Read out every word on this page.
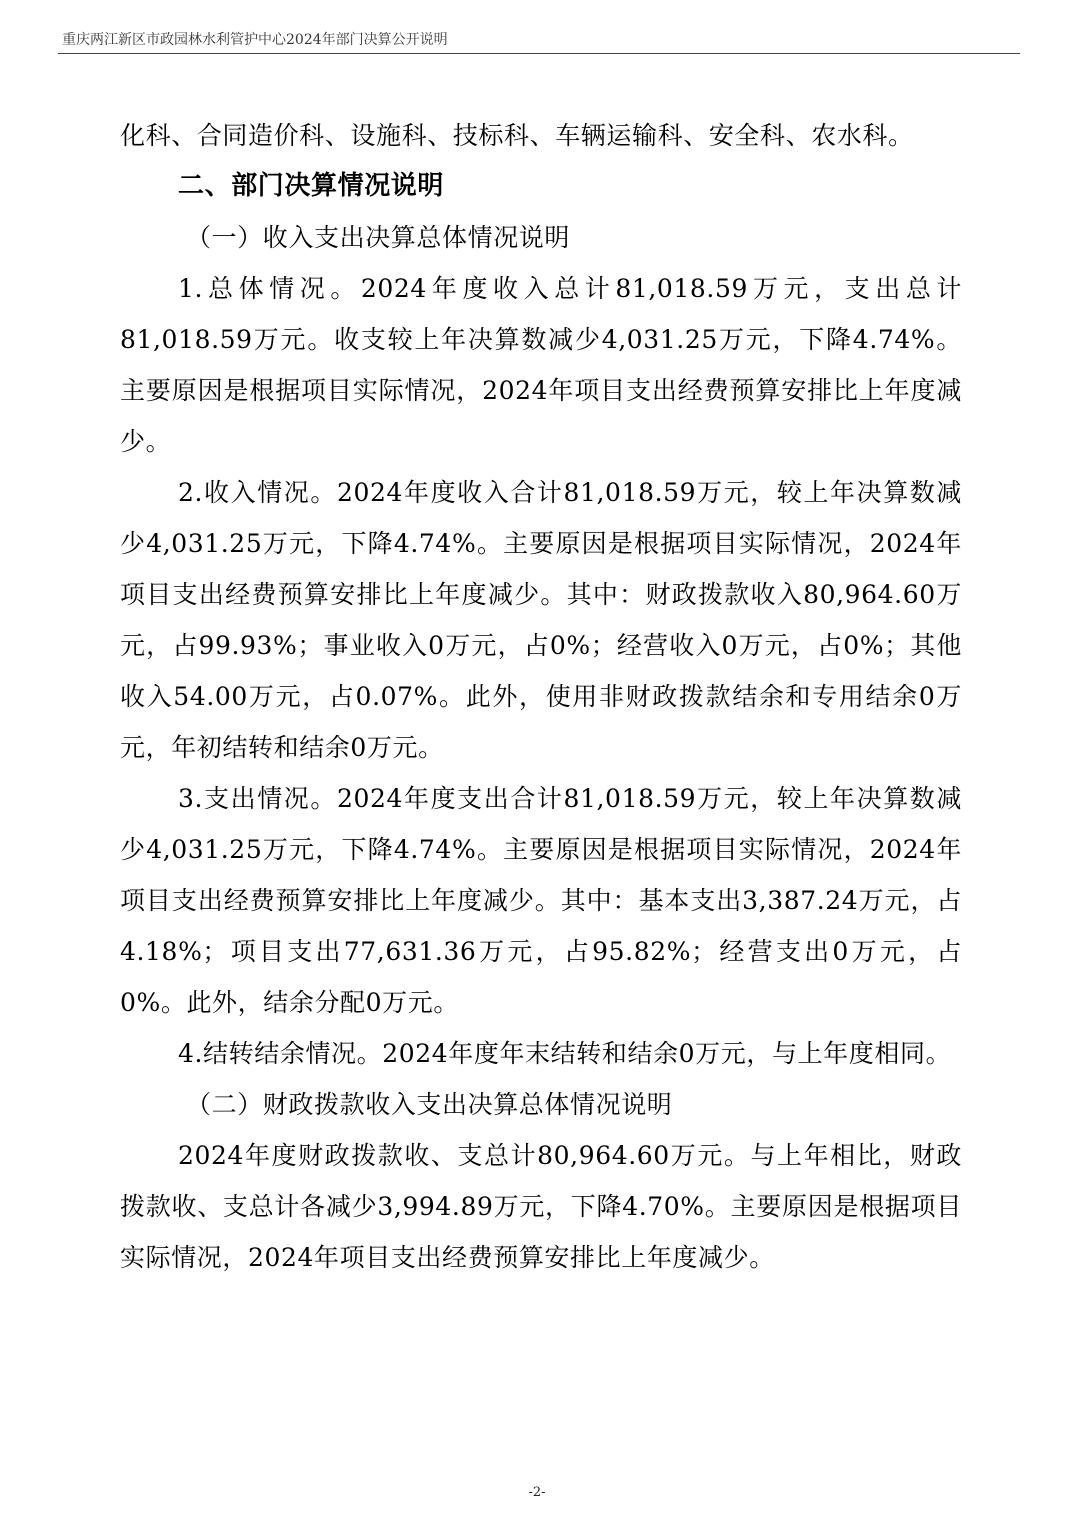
重庆两江新区市政园林水利管护中心2024年部门决算公开说明

化科、合同造价科、设施科、技标科、车辆运输科、安全科、农水科。

二、部门决算情况说明

（一）收入支出决算总体情况说明

1.总体情况。2024年度收入总计81,018.59万元，支出总计81,018.59万元。收支较上年决算数减少4,031.25万元，下降4.74%。主要原因是根据项目实际情况，2024年项目支出经费预算安排比上年度减少。

2.收入情况。2024年度收入合计81,018.59万元，较上年决算数减少4,031.25万元，下降4.74%。主要原因是根据项目实际情况，2024年项目支出经费预算安排比上年度减少。其中：财政拨款收入80,964.60万元，占99.93%；事业收入0万元，占0%；经营收入0万元，占0%；其他收入54.00万元，占0.07%。此外，使用非财政拨款结余和专用结余0万元，年初结转和结余0万元。

3.支出情况。2024年度支出合计81,018.59万元，较上年决算数减少4,031.25万元，下降4.74%。主要原因是根据项目实际情况，2024年项目支出经费预算安排比上年度减少。其中：基本支出3,387.24万元，占4.18%；项目支出77,631.36万元，占95.82%；经营支出0万元，占0%。此外，结余分配0万元。

4.结转结余情况。2024年度年末结转和结余0万元，与上年度相同。

（二）财政拨款收入支出决算总体情况说明

2024年度财政拨款收、支总计80,964.60万元。与上年相比，财政拨款收、支总计各减少3,994.89万元，下降4.70%。主要原因是根据项目实际情况，2024年项目支出经费预算安排比上年度减少。

-2-
